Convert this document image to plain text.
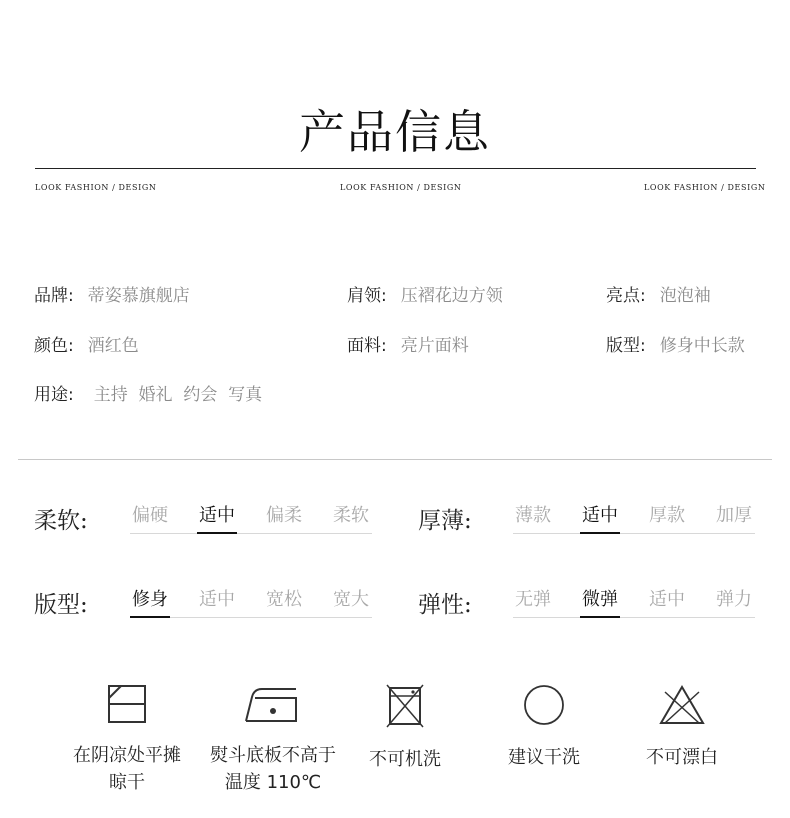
产品信息
LOOK FASHION / DESIGN	LOOK FASHION / DESIGN	LOOK FASHION / DESIGN
品牌: 蒂姿慕旗舰店	肩领: 压褶花边方领	亮点: 泡泡袖
颜色: 酒红色	面料: 亮片面料	版型: 修身中长款
用途: 主持  婚礼  约会  写真
柔软: 偏硬 适中 偏柔 柔软 厚薄: 薄款 适中 厚款 加厚
版型: 修身 适中 宽松 宽大 弹性: 无弹 微弹 适中 弹力
在阴凉处平摊
晾干
熨斗底板不高于
温度 110℃
不可机洗	建议干洗	不可漂白
